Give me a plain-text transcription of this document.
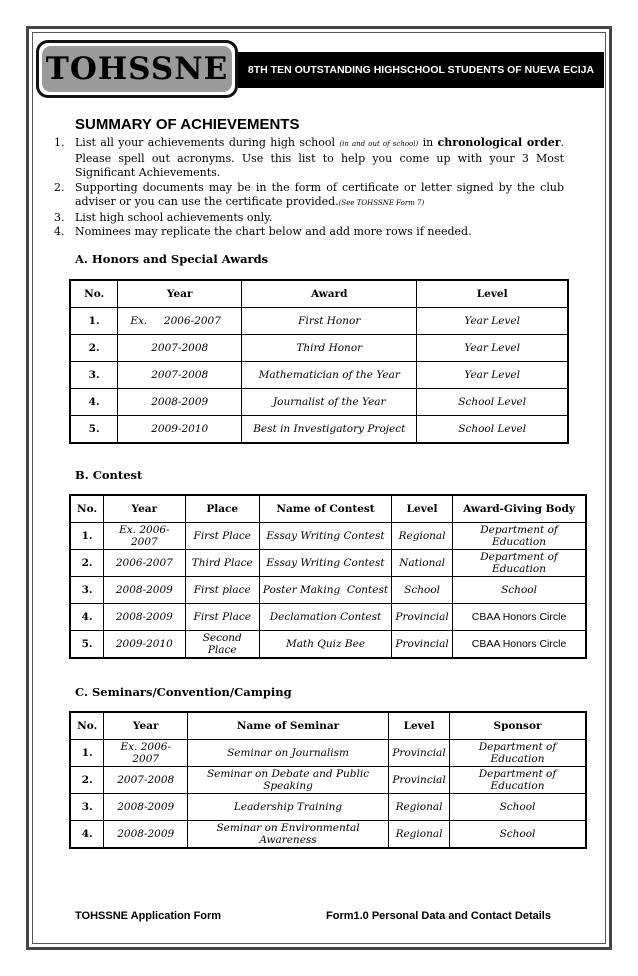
TOHSSNE	8TH TEN OUTSTANDING HIGHSCHOOL STUDENTS OF NUEVA ECIJA
SUMMARY OF ACHIEVEMENTS
1. List all your achievements during high school (in and out of school) in chronological order. Please spell out acronyms. Use this list to help you come up with your 3 Most Significant Achievements.
2. Supporting documents may be in the form of certificate or letter signed by the club adviser or you can use the certificate provided.(See TOHSSNE Form 7)
3. List high school achievements only.
4. Nominees may replicate the chart below and add more rows if needed.
A. Honors and Special Awards
No.	Year	Award	Level
1.	Ex.     2006-2007	First Honor	Year Level
2.	2007-2008	Third Honor	Year Level
3.	2007-2008	Mathematician of the Year	Year Level
4.	2008-2009	Journalist of the Year	School Level
5.	2009-2010	Best in Investigatory Project	School Level
B. Contest
No.	Year	Place	Name of Contest	Level	Award-Giving Body
1.	Ex. 2006-2007	First Place	Essay Writing Contest	Regional	Department of Education
2.	2006-2007	Third Place	Essay Writing Contest	National	Department of Education
3.	2008-2009	First place	Poster Making  Contest	School	School
4.	2008-2009	First Place	Declamation Contest	Provincial	CBAA Honors Circle
5.	2009-2010	Second Place	Math Quiz Bee	Provincial	CBAA Honors Circle
C. Seminars/Convention/Camping
No.	Year	Name of Seminar	Level	Sponsor
1.	Ex. 2006-2007	Seminar on Journalism	Provincial	Department of Education
2.	2007-2008	Seminar on Debate and Public Speaking	Provincial	Department of Education
3.	2008-2009	Leadership Training	Regional	School
4.	2008-2009	Seminar on Environmental Awareness	Regional	School
TOHSSNE Application Form	Form1.0 Personal Data and Contact Details
